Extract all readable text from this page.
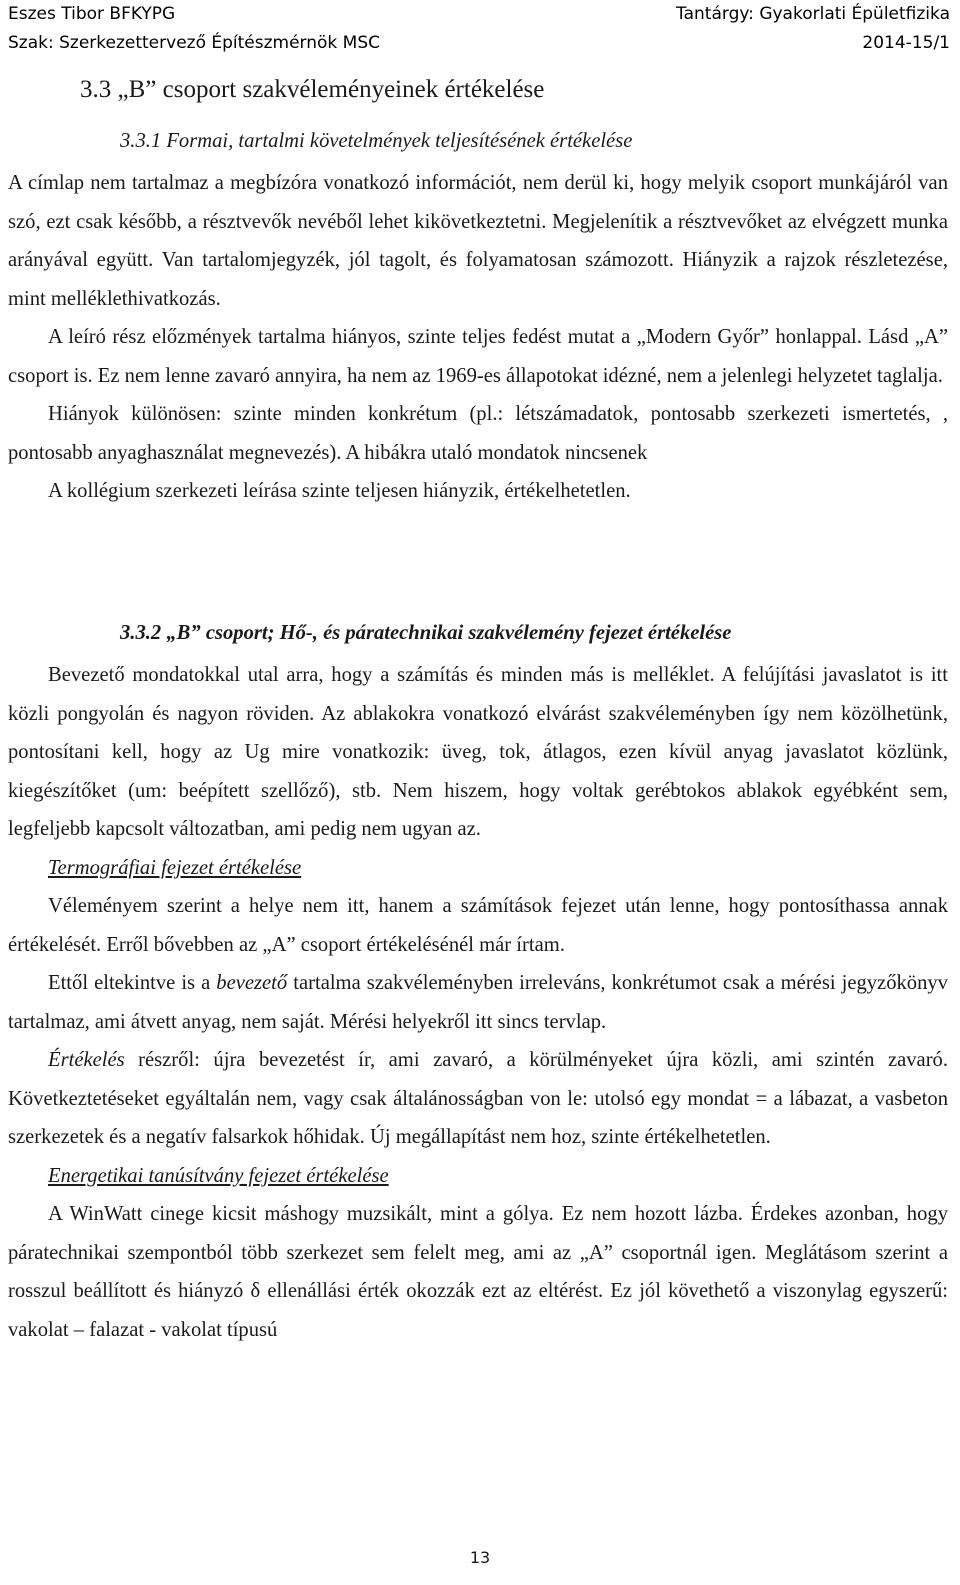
Eszes Tibor BFKYPG
Szak: Szerkezettervező Építészmérnök MSC
Tantárgy: Gyakorlati Épületfizika
2014-15/1
3.3 „B” csoport szakvéleményeinek értékelése
3.3.1 Formai, tartalmi követelmények teljesítésének értékelése

A címlap nem tartalmaz a megbízóra vonatkozó információt, nem derül ki, hogy melyik csoport munkájáról van szó, ezt csak később, a résztvevők nevéből lehet kikövetkeztetni. Megjelenítik a résztvevőket az elvégzett munka arányával együtt. Van tartalomjegyzék, jól tagolt, és folyamatosan számozott. Hiányzik a rajzok részletezése, mint melléklethivatkozás.

A leíró rész előzmények tartalma hiányos, szinte teljes fedést mutat a „Modern Győr” honlappal. Lásd „A” csoport is. Ez nem lenne zavaró annyira, ha nem az 1969-es állapotokat idézné, nem a jelenlegi helyzetet taglalja.

Hiányok különösen: szinte minden konkrétum (pl.: létszámadatok, pontosabb szerkezeti ismertetés, , pontosabb anyaghasználat megnevezés). A hibákra utaló mondatok nincsenek

A kollégium szerkezeti leírása szinte teljesen hiányzik, értékelhetetlen.

3.3.2 „B” csoport; Hő-, és páratechnikai szakvélemény fejezet értékelése

Bevezető mondatokkal utal arra, hogy a számítás és minden más is melléklet. A felújítási javaslatot is itt közli pongyolán és nagyon röviden. Az ablakokra vonatkozó elvárást szakvéleményben így nem közölhetünk, pontosítani kell, hogy az Ug mire vonatkozik: üveg, tok, átlagos, ezen kívül anyag javaslatot közlünk, kiegészítőket (um: beépített szellőző), stb. Nem hiszem, hogy voltak gerébtokos ablakok egyébként sem, legfeljebb kapcsolt változatban, ami pedig nem ugyan az.

Termográfiai fejezet értékelése

Véleményem szerint a helye nem itt, hanem a számítások fejezet után lenne, hogy pontosíthassa annak értékelését. Erről bővebben az „A” csoport értékelésénél már írtam.

Ettől eltekintve is a bevezető tartalma szakvéleményben irreleváns, konkrétumot csak a mérési jegyzőkönyv tartalmaz, ami átvett anyag, nem saját. Mérési helyekről itt sincs tervlap.

Értékelés részről: újra bevezetést ír, ami zavaró, a körülményeket újra közli, ami szintén zavaró. Következtetéseket egyáltalán nem, vagy csak általánosságban von le: utolsó egy mondat = a lábazat, a vasbeton szerkezetek és a negatív falsarkok hőhidak. Új megállapítást nem hoz, szinte értékelhetetlen.

Energetikai tanúsítvány fejezet értékelése

A WinWatt cinege kicsit máshogy muzsikált, mint a gólya. Ez nem hozott lázba. Érdekes azonban, hogy páratechnikai szempontból több szerkezet sem felelt meg, ami az „A” csoportnál igen. Meglátásom szerint a rosszul beállított és hiányzó δ ellenállási érték okozzák ezt az eltérést. Ez jól követhető a viszonylag egyszerű: vakolat – falazat - vakolat típusú

13
